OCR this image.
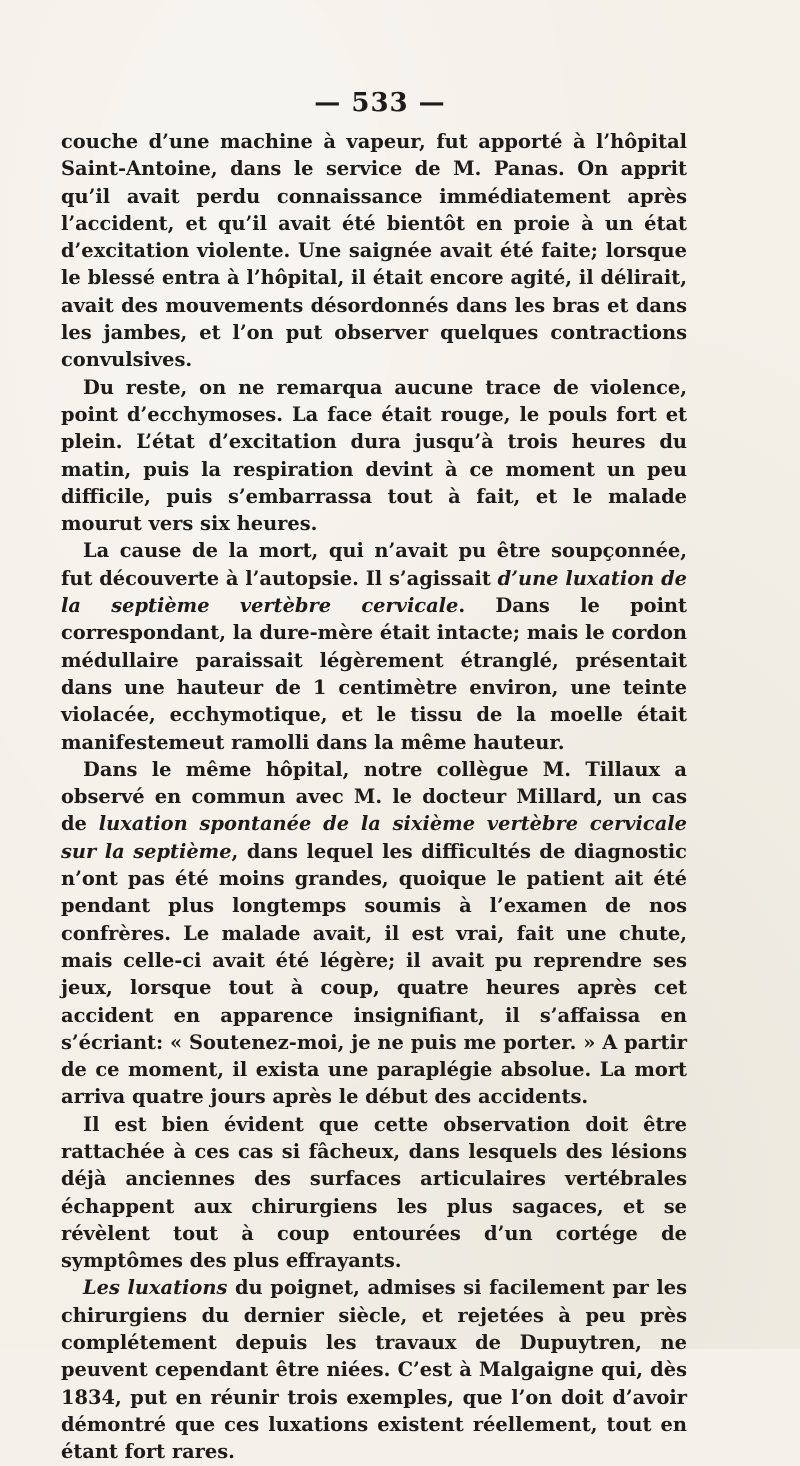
— 533 —

couche d’une machine à vapeur, fut apporté à l’hôpital Saint-Antoine, dans le service de M. Panas. On apprit qu’il avait perdu connaissance immédiatement après l’accident, et qu’il avait été bientôt en proie à un état d’excitation violente. Une saignée avait été faite; lorsque le blessé entra à l’hôpital, il était encore agité, il délirait, avait des mouvements désordonnés dans les bras et dans les jambes, et l’on put observer quelques contractions convulsives.

Du reste, on ne remarqua aucune trace de violence, point d’ecchymoses. La face était rouge, le pouls fort et plein. L’état d’excitation dura jusqu’à trois heures du matin, puis la respiration devint à ce moment un peu difficile, puis s’embarrassa tout à fait, et le malade mourut vers six heures.

La cause de la mort, qui n’avait pu être soupçonnée, fut découverte à l’autopsie. Il s’agissait d’une luxation de la septième vertèbre cervicale. Dans le point correspondant, la dure-mère était intacte; mais le cordon médullaire paraissait légèrement étranglé, présentait dans une hauteur de 1 centimètre environ, une teinte violacée, ecchymotique, et le tissu de la moelle était manifestemeut ramolli dans la même hauteur.

Dans le même hôpital, notre collègue M. Tillaux a observé en commun avec M. le docteur Millard, un cas de luxation spontanée de la sixième vertèbre cervicale sur la septième, dans lequel les difficultés de diagnostic n’ont pas été moins grandes, quoique le patient ait été pendant plus longtemps soumis à l’examen de nos confrères. Le malade avait, il est vrai, fait une chute, mais celle-ci avait été légère; il avait pu reprendre ses jeux, lorsque tout à coup, quatre heures après cet accident en apparence insignifiant, il s’affaissa en s’écriant: « Soutenez-moi, je ne puis me porter. » A partir de ce moment, il exista une paraplégie absolue. La mort arriva quatre jours après le début des accidents.

Il est bien évident que cette observation doit être rattachée à ces cas si fâcheux, dans lesquels des lésions déjà anciennes des surfaces articulaires vertébrales échappent aux chirurgiens les plus sagaces, et se révèlent tout à coup entourées d’un cortége de symptômes des plus effrayants.

Les luxations du poignet, admises si facilement par les chirurgiens du dernier siècle, et rejetées à peu près complétement depuis les travaux de Dupuytren, ne peuvent cependant être niées. C’est à Malgaigne qui, dès 1834, put en réunir trois exemples, que l’on doit d’avoir démontré que ces luxations existent réellement, tout en étant fort rares.
